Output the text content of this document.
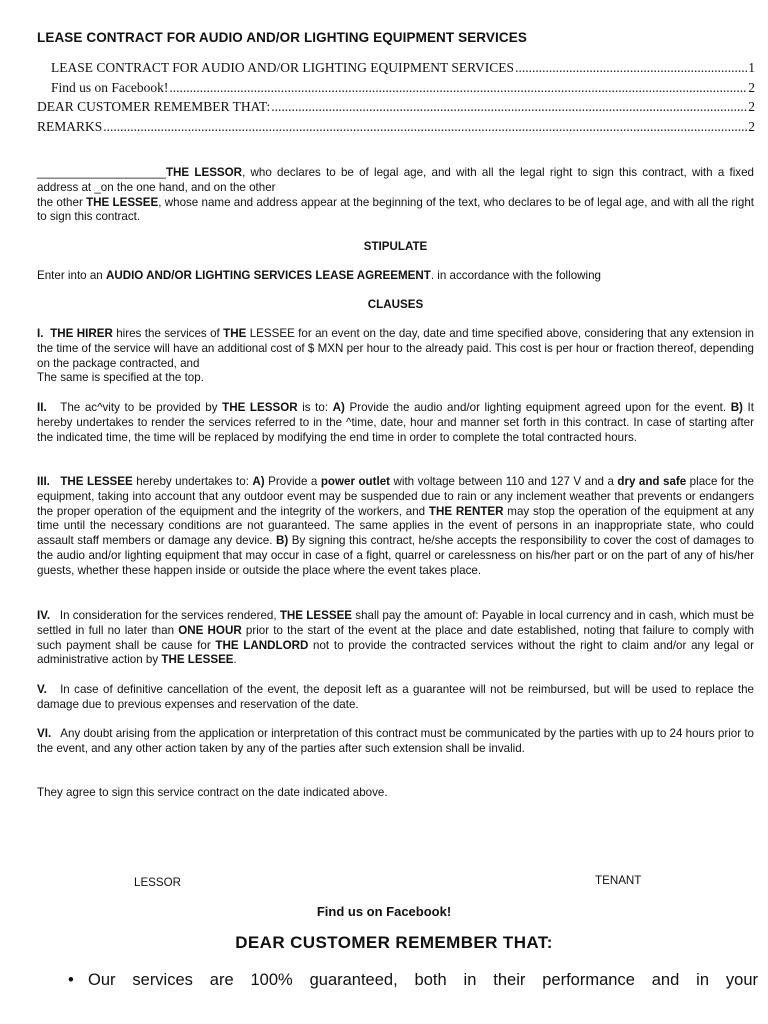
LEASE CONTRACT FOR AUDIO AND/OR LIGHTING EQUIPMENT SERVICES
LEASE CONTRACT FOR AUDIO AND/OR LIGHTING EQUIPMENT SERVICES .....	1
Find us on Facebook! .....	2
DEAR CUSTOMER REMEMBER THAT: .....	2
REMARKS .....	2

____________________THE LESSOR, who declares to be of legal age, and with all the legal right to sign this contract, with a fixed address at _on the one hand, and on the other

the other THE LESSEE, whose name and address appear at the beginning of the text, who declares to be of legal age, and with all the right to sign this contract.

STIPULATE

Enter into an AUDIO AND/OR LIGHTING SERVICES LEASE AGREEMENT. in accordance with the following

CLAUSES

I. THE HIRER hires the services of THE LESSEE for an event on the day, date and time specified above, considering that any extension in the time of the service will have an additional cost of $ MXN per hour to the already paid. This cost is per hour or fraction thereof, depending on the package contracted, and

The same is specified at the top.

II. The ac^vity to be provided by THE LESSOR is to: A) Provide the audio and/or lighting equipment agreed upon for the event. B) It hereby undertakes to render the services referred to in the ^time, date, hour and manner set forth in this contract. In case of starting after the indicated time, the time will be replaced by modifying the end time in order to complete the total contracted hours.

III. THE LESSEE hereby undertakes to: A) Provide a power outlet with voltage between 110 and 127 V and a dry and safe place for the equipment, taking into account that any outdoor event may be suspended due to rain or any inclement weather that prevents or endangers the proper operation of the equipment and the integrity of the workers, and THE RENTER may stop the operation of the equipment at any time until the necessary conditions are not guaranteed. The same applies in the event of persons in an inappropriate state, who could assault staff members or damage any device. B) By signing this contract, he/she accepts the responsibility to cover the cost of damages to the audio and/or lighting equipment that may occur in case of a fight, quarrel or carelessness on his/her part or on the part of any of his/her guests, whether these happen inside or outside the place where the event takes place.

IV. In consideration for the services rendered, THE LESSEE shall pay the amount of: Payable in local currency and in cash, which must be settled in full no later than ONE HOUR prior to the start of the event at the place and date established, noting that failure to comply with such payment shall be cause for THE LANDLORD not to provide the contracted services without the right to claim and/or any legal or administrative action by THE LESSEE.

V. In case of definitive cancellation of the event, the deposit left as a guarantee will not be reimbursed, but will be used to replace the damage due to previous expenses and reservation of the date.

VI. Any doubt arising from the application or interpretation of this contract must be communicated by the parties with up to 24 hours prior to the event, and any other action taken by any of the parties after such extension shall be invalid.

They agree to sign this service contract on the date indicated above.
LESSOR	TENANT
Find us on Facebook!
DEAR CUSTOMER REMEMBER THAT:
• Our services are 100% guaranteed, both in their performance and in your
